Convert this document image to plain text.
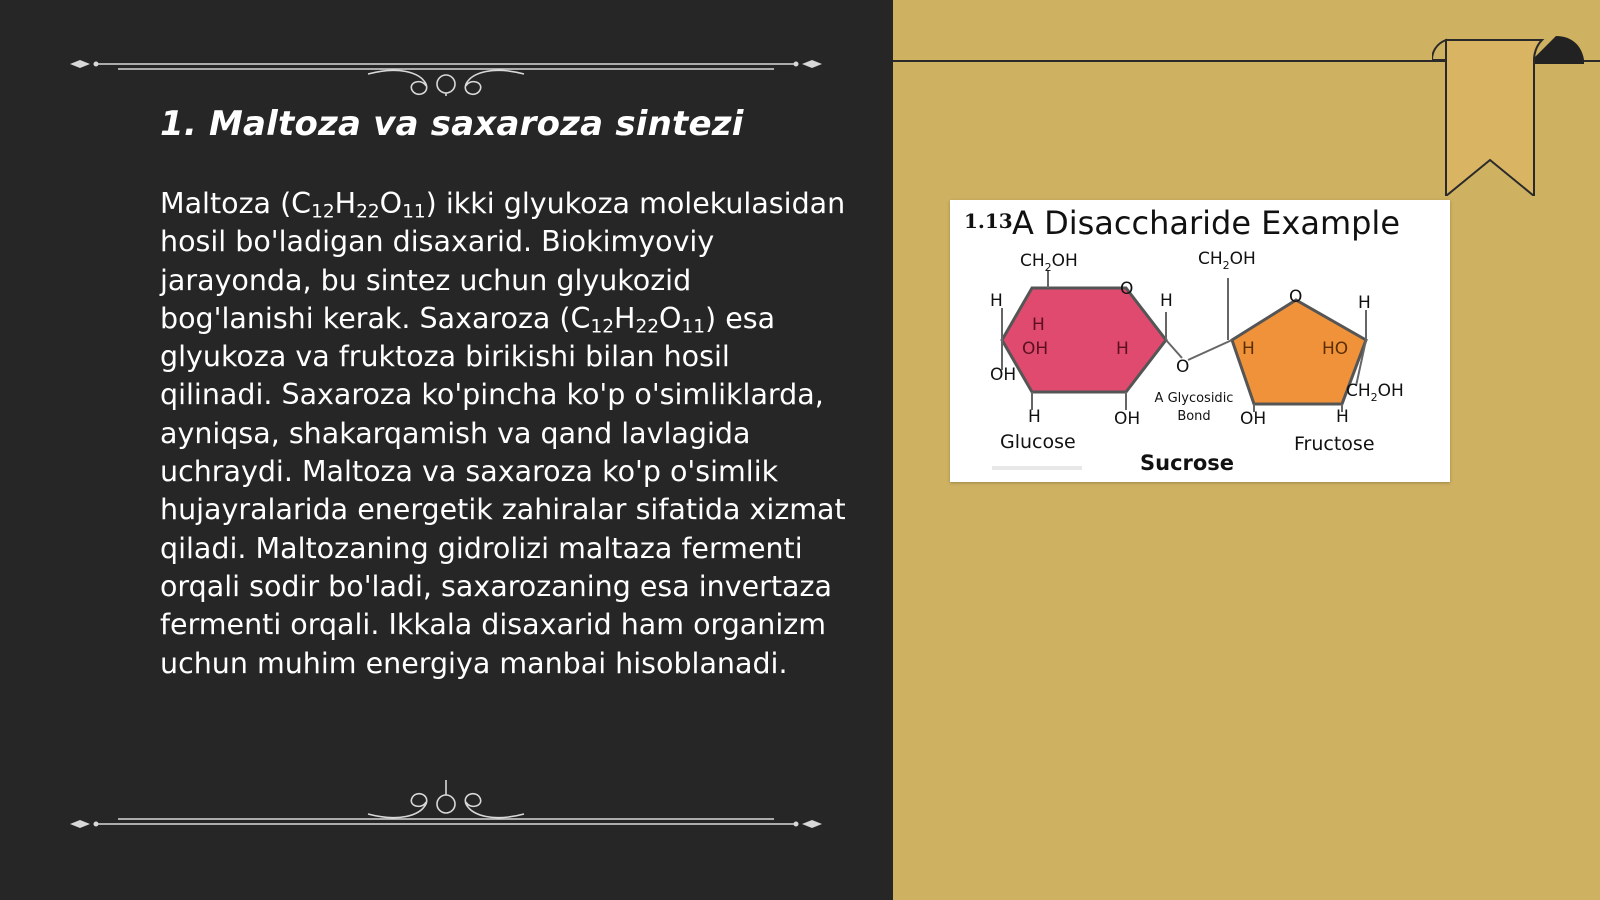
1. Maltoza va saxaroza sintezi

Maltoza $(C_{12}H_{22}O_{11})$ ikki glyukoza molekulasidan hosil bo'ladigan disaxarid. Biokimyoviy jarayonda, bu sintez uchun glyukozid bog'lanishi kerak. Saxaroza $(C_{12}H_{22}O_{11})$ esa glyukoza va fruktoza birikishi bilan hosil qilinadi. Saxaroza ko'pincha ko'p o'simliklarda, ayniqsa, shakarqamish va qand lavlagida uchraydi. Maltoza va saxaroza ko'p o'simlik hujayralarida energetik zahiralar sifatida xizmat qiladi. Maltozaning gidrolizi maltaza fermenti orqali sodir bo'ladi, saxarozaning esa invertaza fermenti orqali. Ikkala disaxarid ham organizm uchun muhim energiya manbai hisoblanadi.

1.13 A Disaccharide Example
$CH_2OH$	$CH_2OH$
H
O
H
H
OH	H
OH
H	OH
O
O	H
H	HO
$CH_2OH$
OH	H
A Glycosidic
Bond
Glucose	Fructose
Sucrose
